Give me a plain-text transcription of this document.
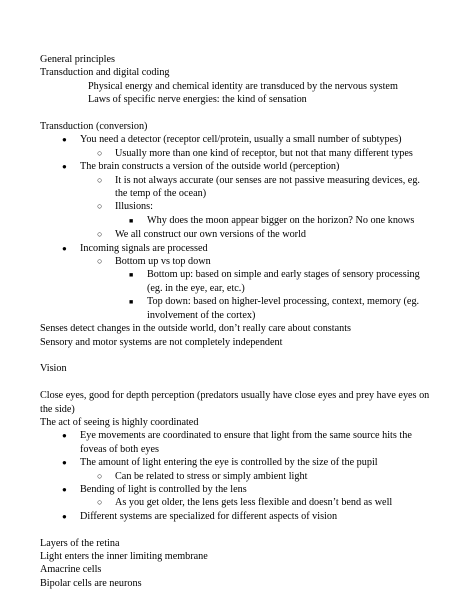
General principles
Transduction and digital coding
Physical energy and chemical identity are transduced by the nervous system
Laws of specific nerve energies: the kind of sensation
Transduction (conversion)
●
You need a detector (receptor cell/protein, usually a small number of subtypes)
○
Usually more than one kind of receptor, but not that many different types
●
The brain constructs a version of the outside world (perception)
○
It is not always accurate (our senses are not passive measuring devices, eg. the temp of the ocean)
○
Illusions:
■
Why does the moon appear bigger on the horizon? No one knows
○
We all construct our own versions of the world
●
Incoming signals are processed
○
Bottom up vs top down
■
Bottom up: based on simple and early stages of sensory processing (eg. in the eye, ear, etc.)
■
Top down: based on higher-level processing, context, memory (eg. involvement of the cortex)
Senses detect changes in the outside world, don’t really care about constants
Sensory and motor systems are not completely independent
Vision
Close eyes, good for depth perception (predators usually have close eyes and prey have eyes on the side)
The act of seeing is highly coordinated
●
Eye movements are coordinated to ensure that light from the same source hits the foveas of both eyes
●
The amount of light entering the eye is controlled by the size of the pupil
○
Can be related to stress or simply ambient light
●
Bending of light is controlled by the lens
○
As you get older, the lens gets less flexible and doesn’t bend as well
●
Different systems are specialized for different aspects of vision
Layers of the retina
Light enters the inner limiting membrane
Amacrine cells
Bipolar cells are neurons
